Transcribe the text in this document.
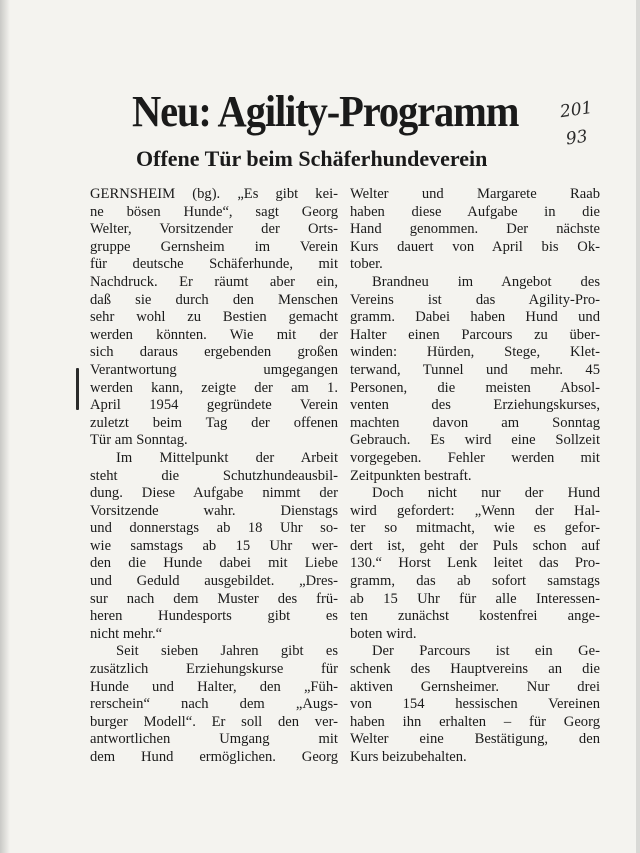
Neu: Agility-Programm 201
93
Offene Tür beim Schäferhundeverein
GERNSHEIM (bg). „Es gibt kei-
ne bösen Hunde“, sagt Georg
Welter, Vorsitzender der Orts-
gruppe Gernsheim im Verein
für deutsche Schäferhunde, mit
Nachdruck. Er räumt aber ein,
daß sie durch den Menschen
sehr wohl zu Bestien gemacht
werden könnten. Wie mit der
sich daraus ergebenden großen
Verantwortung umgegangen
werden kann, zeigte der am 1.
April 1954 gegründete Verein
zuletzt beim Tag der offenen
Tür am Sonntag.
Im Mittelpunkt der Arbeit
steht die Schutzhundeausbil-
dung. Diese Aufgabe nimmt der
Vorsitzende wahr. Dienstags
und donnerstags ab 18 Uhr so-
wie samstags ab 15 Uhr wer-
den die Hunde dabei mit Liebe
und Geduld ausgebildet. „Dres-
sur nach dem Muster des frü-
heren Hundesports gibt es
nicht mehr.“
Seit sieben Jahren gibt es
zusätzlich Erziehungskurse für
Hunde und Halter, den „Füh-
rerschein“ nach dem „Augs-
burger Modell“. Er soll den ver-
antwortlichen Umgang mit
dem Hund ermöglichen. Georg
Welter und Margarete Raab
haben diese Aufgabe in die
Hand genommen. Der nächste
Kurs dauert von April bis Ok-
tober.
Brandneu im Angebot des
Vereins ist das Agility-Pro-
gramm. Dabei haben Hund und
Halter einen Parcours zu über-
winden: Hürden, Stege, Klet-
terwand, Tunnel und mehr. 45
Personen, die meisten Absol-
venten des Erziehungskurses,
machten davon am Sonntag
Gebrauch. Es wird eine Sollzeit
vorgegeben. Fehler werden mit
Zeitpunkten bestraft.
Doch nicht nur der Hund
wird gefordert: „Wenn der Hal-
ter so mitmacht, wie es gefor-
dert ist, geht der Puls schon auf
130.“ Horst Lenk leitet das Pro-
gramm, das ab sofort samstags
ab 15 Uhr für alle Interessen-
ten zunächst kostenfrei ange-
boten wird.
Der Parcours ist ein Ge-
schenk des Hauptvereins an die
aktiven Gernsheimer. Nur drei
von 154 hessischen Vereinen
haben ihn erhalten – für Georg
Welter eine Bestätigung, den
Kurs beizubehalten.
